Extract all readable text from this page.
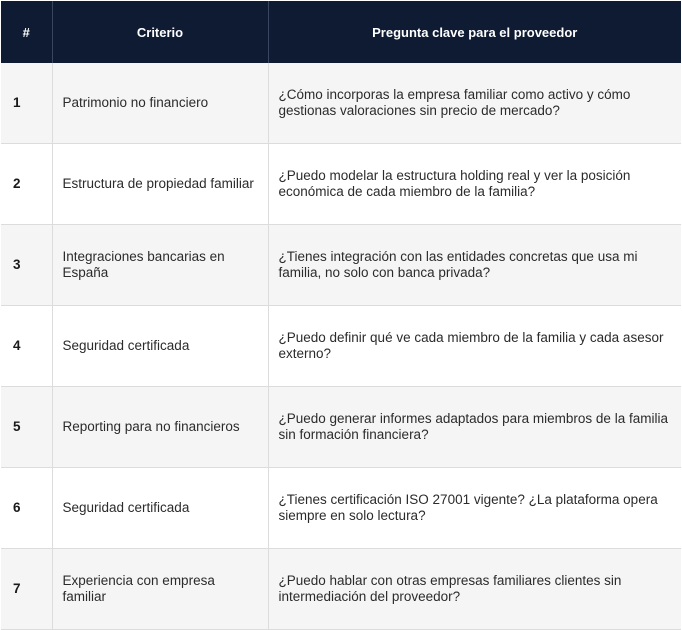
#	Criterio	Pregunta clave para el proveedor
1	Patrimonio no financiero	¿Cómo incorporas la empresa familiar como activo y cómo gestionas valoraciones sin precio de mercado?
2	Estructura de propiedad familiar	¿Puedo modelar la estructura holding real y ver la posición económica de cada miembro de la familia?
3	Integraciones bancarias en España	¿Tienes integración con las entidades concretas que usa mi familia, no solo con banca privada?
4	Seguridad certificada	¿Puedo definir qué ve cada miembro de la familia y cada asesor externo?
5	Reporting para no financieros	¿Puedo generar informes adaptados para miembros de la familia sin formación financiera?
6	Seguridad certificada	¿Tienes certificación ISO 27001 vigente? ¿La plataforma opera siempre en solo lectura?
7	Experiencia con empresa familiar	¿Puedo hablar con otras empresas familiares clientes sin intermediación del proveedor?
